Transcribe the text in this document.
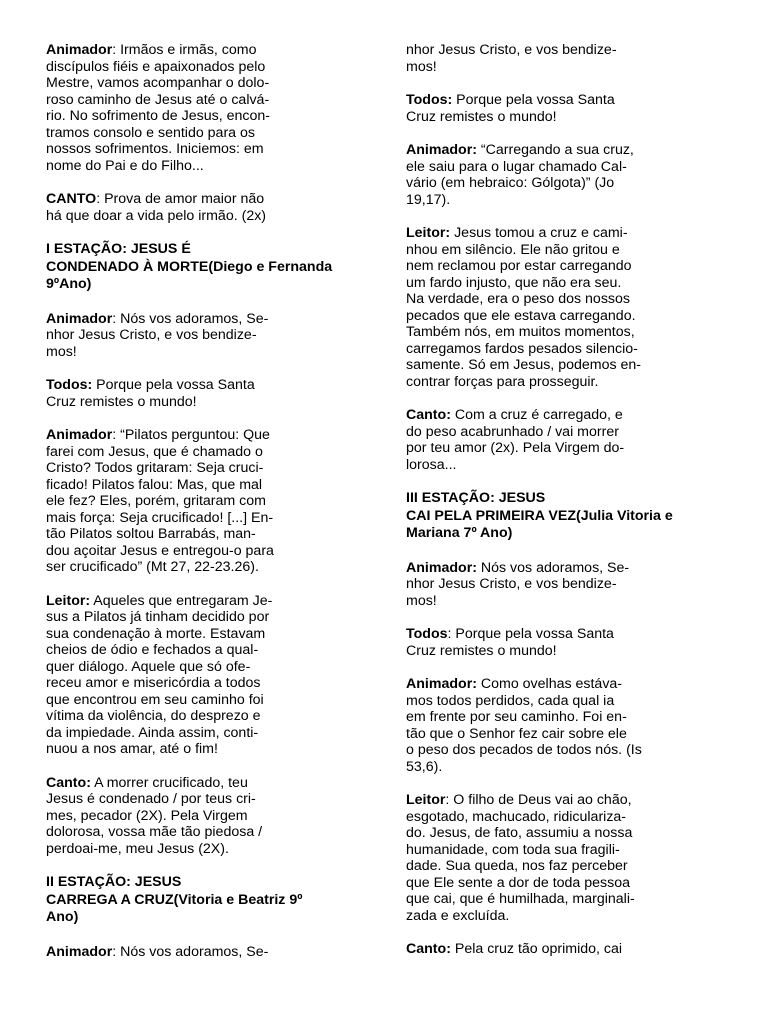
Animador: Irmãos e irmãs, como
discípulos fiéis e apaixonados pelo
Mestre, vamos acompanhar o dolo-
roso caminho de Jesus até o calvá-
rio. No sofrimento de Jesus, encon-
tramos consolo e sentido para os
nossos sofrimentos. Iniciemos: em
nome do Pai e do Filho...
CANTO: Prova de amor maior não
há que doar a vida pelo irmão. (2x)
I ESTAÇÃO: JESUS É
CONDENADO À MORTE(Diego e Fernanda
9ºAno)
Animador: Nós vos adoramos, Se-
nhor Jesus Cristo, e vos bendize-
mos!
Todos: Porque pela vossa Santa
Cruz remistes o mundo!
Animador: “Pilatos perguntou: Que
farei com Jesus, que é chamado o
Cristo? Todos gritaram: Seja cruci-
ficado! Pilatos falou: Mas, que mal
ele fez? Eles, porém, gritaram com
mais força: Seja crucificado! [...] En-
tão Pilatos soltou Barrabás, man-
dou açoitar Jesus e entregou-o para
ser crucificado” (Mt 27, 22-23.26).
Leitor: Aqueles que entregaram Je-
sus a Pilatos já tinham decidido por
sua condenação à morte. Estavam
cheios de ódio e fechados a qual-
quer diálogo. Aquele que só ofe-
receu amor e misericórdia a todos
que encontrou em seu caminho foi
vítima da violência, do desprezo e
da impiedade. Ainda assim, conti-
nuou a nos amar, até o fim!
Canto: A morrer crucificado, teu
Jesus é condenado / por teus cri-
mes, pecador (2X). Pela Virgem
dolorosa, vossa mãe tão piedosa /
perdoai-me, meu Jesus (2X).
II ESTAÇÃO: JESUS
CARREGA A CRUZ(Vitoria e Beatriz 9º
Ano)
Animador: Nós vos adoramos, Se-
nhor Jesus Cristo, e vos bendize-
mos!
Todos: Porque pela vossa Santa
Cruz remistes o mundo!
Animador: “Carregando a sua cruz,
ele saiu para o lugar chamado Cal-
vário (em hebraico: Gólgota)” (Jo
19,17).
Leitor: Jesus tomou a cruz e cami-
nhou em silêncio. Ele não gritou e
nem reclamou por estar carregando
um fardo injusto, que não era seu.
Na verdade, era o peso dos nossos
pecados que ele estava carregando.
Também nós, em muitos momentos,
carregamos fardos pesados silencio-
samente. Só em Jesus, podemos en-
contrar forças para prosseguir.
Canto: Com a cruz é carregado, e
do peso acabrunhado / vai morrer
por teu amor (2x). Pela Virgem do-
lorosa...
III ESTAÇÃO: JESUS
CAI PELA PRIMEIRA VEZ(Julia Vitoria e
Mariana 7º Ano)
Animador: Nós vos adoramos, Se-
nhor Jesus Cristo, e vos bendize-
mos!
Todos: Porque pela vossa Santa
Cruz remistes o mundo!
Animador: Como ovelhas estáva-
mos todos perdidos, cada qual ia
em frente por seu caminho. Foi en-
tão que o Senhor fez cair sobre ele
o peso dos pecados de todos nós. (Is
53,6).
Leitor: O filho de Deus vai ao chão,
esgotado, machucado, ridiculariza-
do. Jesus, de fato, assumiu a nossa
humanidade, com toda sua fragili-
dade. Sua queda, nos faz perceber
que Ele sente a dor de toda pessoa
que cai, que é humilhada, marginali-
zada e excluída.
Canto: Pela cruz tão oprimido, cai
